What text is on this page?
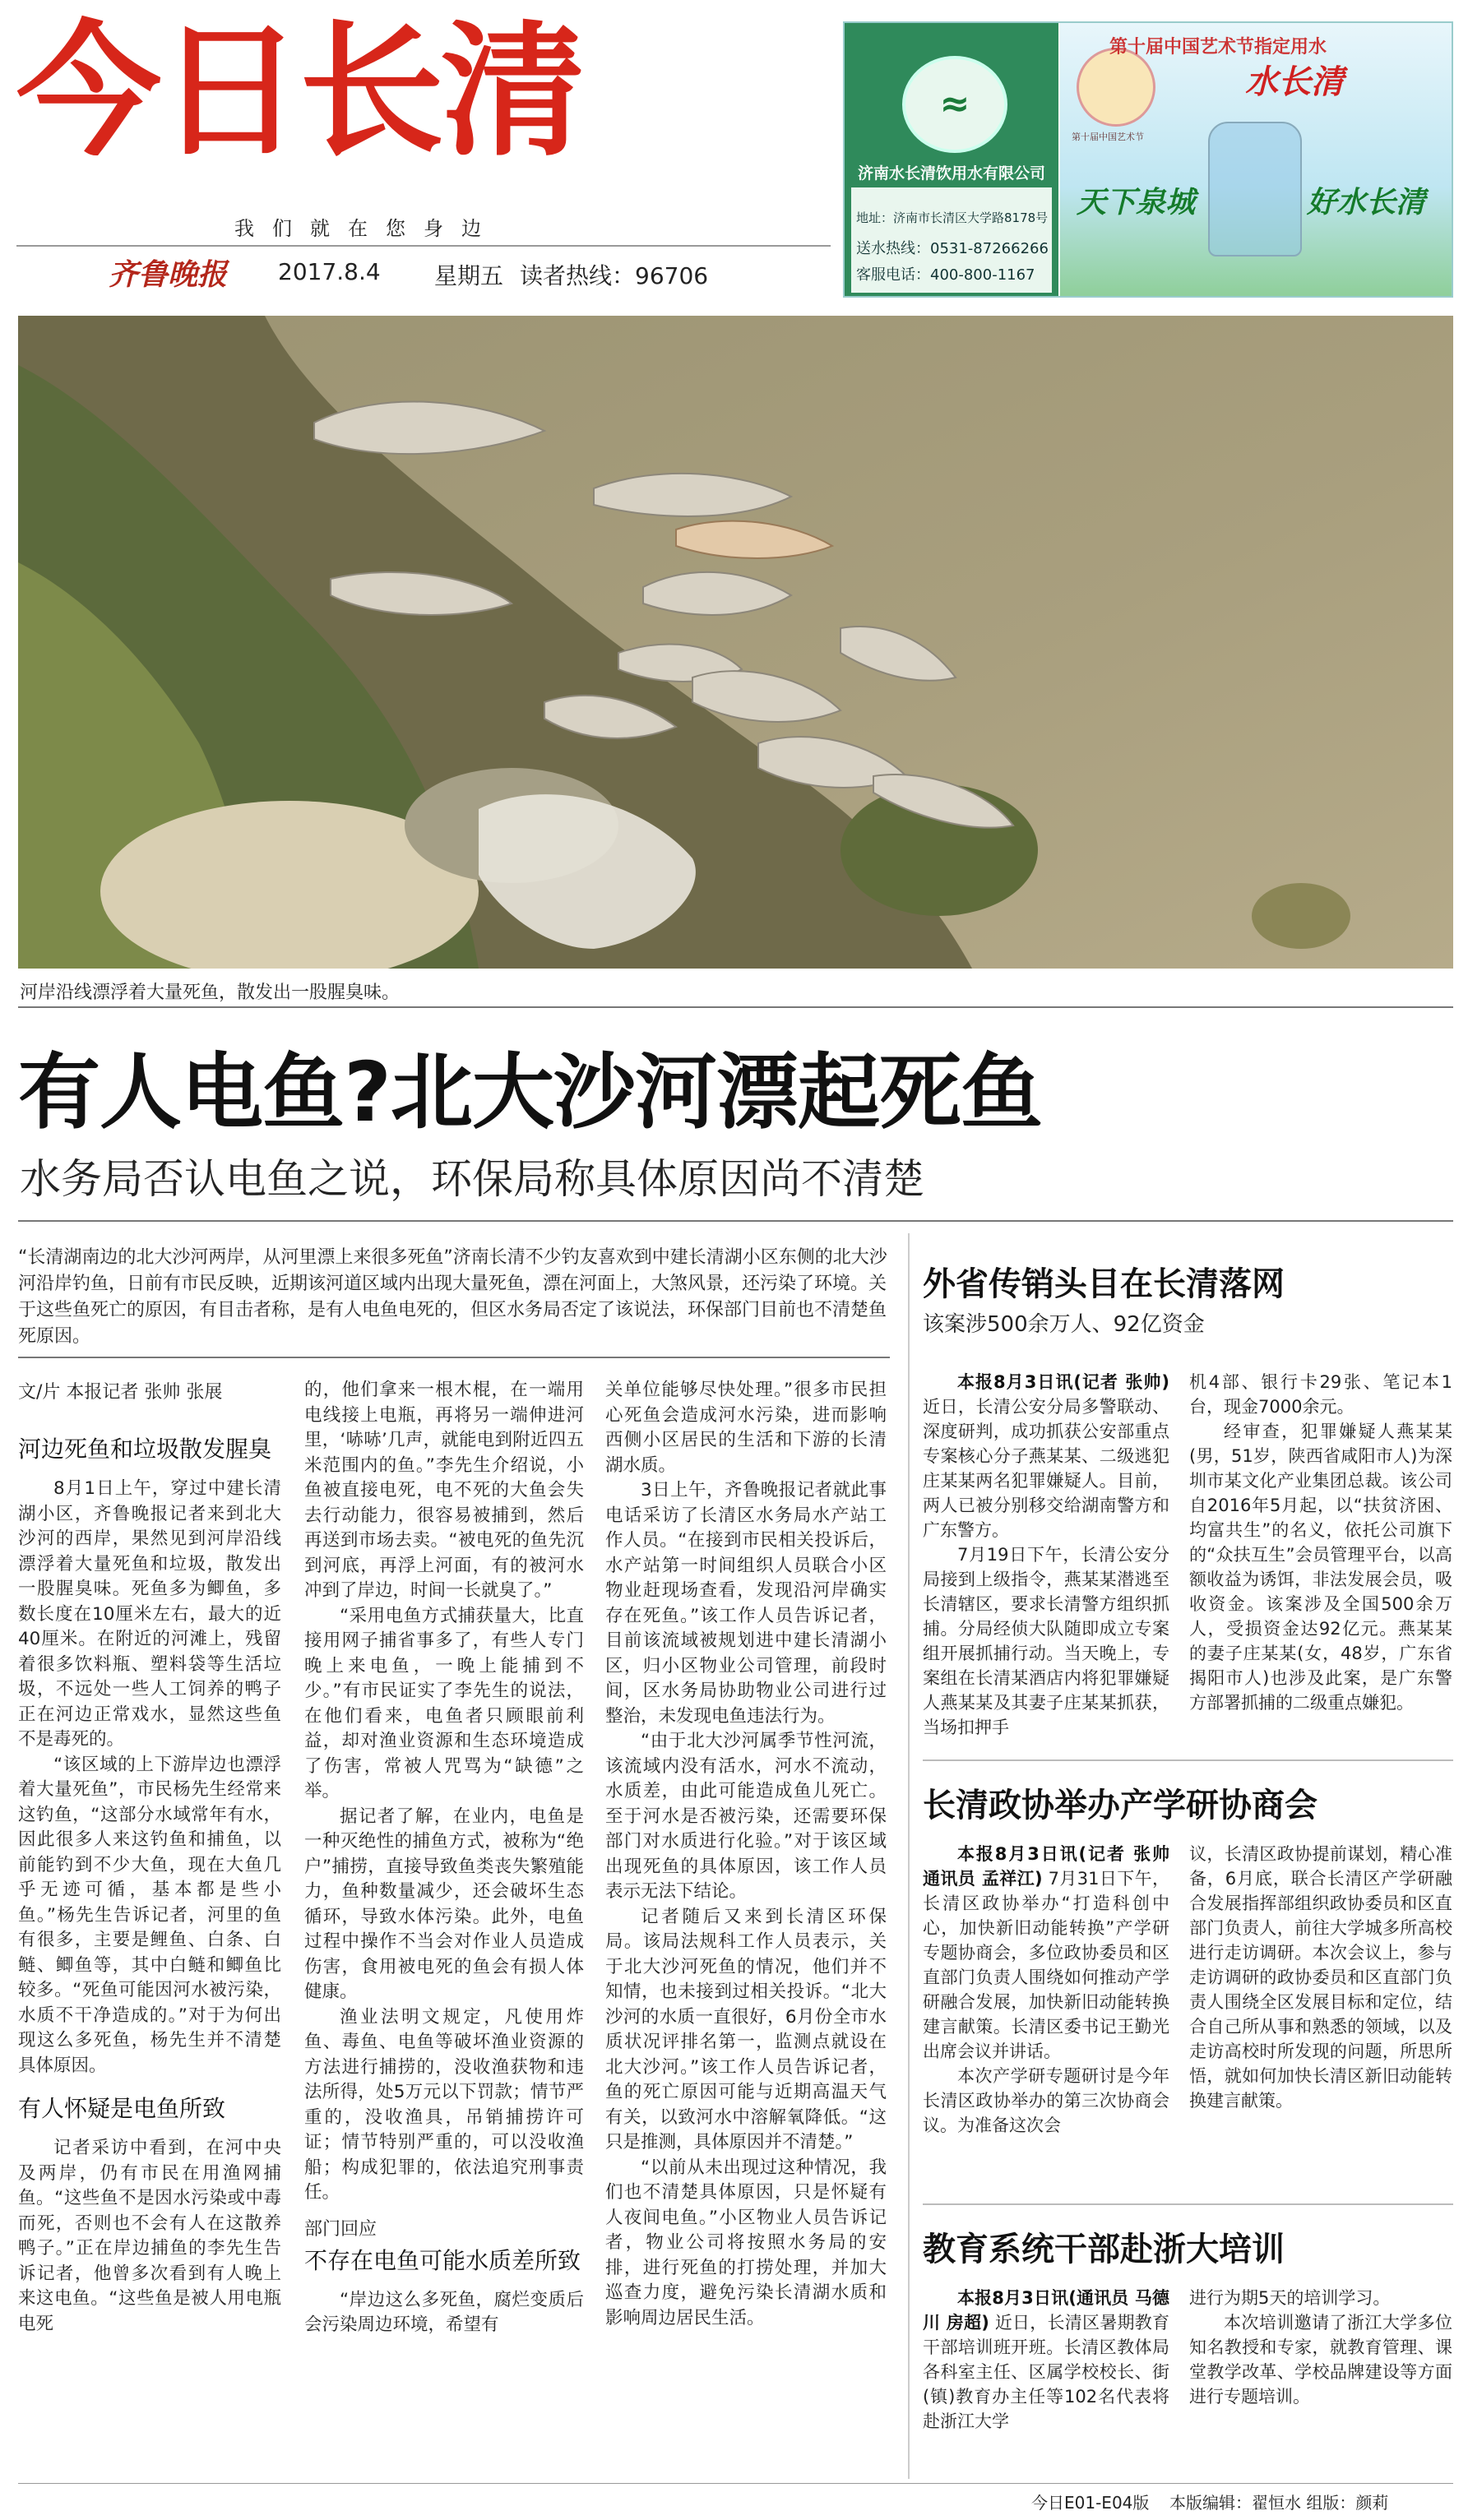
今日长清
我们就在您身边
齐鲁晚报 2017.8.4 星期五 读者热线：96706
≈
济南水长清饮用水有限公司
地址：济南市长清区大学路8178号
送水热线：0531-87266266
客服电话：400-800-1167
第十届中国艺术节
第十届中国艺术节指定用水
水长清
天下泉城	好水长清
河岸沿线漂浮着大量死鱼，散发出一股腥臭味。
有人电鱼?北大沙河漂起死鱼
水务局否认电鱼之说，环保局称具体原因尚不清楚
“长清湖南边的北大沙河两岸，从河里漂上来很多死鱼”济南长清不少钓友喜欢到中建长清湖小区东侧的北大沙河沿岸钓鱼，日前有市民反映，近期该河道区域内出现大量死鱼，漂在河面上，大煞风景，还污染了环境。关于这些鱼死亡的原因，有目击者称，是有人电鱼电死的，但区水务局否定了该说法，环保部门目前也不清楚鱼死原因。
文/片 本报记者 张帅 张展
河边死鱼和垃圾散发腥臭

8月1日上午，穿过中建长清湖小区，齐鲁晚报记者来到北大沙河的西岸，果然见到河岸沿线漂浮着大量死鱼和垃圾，散发出一股腥臭味。死鱼多为鲫鱼，多数长度在10厘米左右，最大的近40厘米。在附近的河滩上，残留着很多饮料瓶、塑料袋等生活垃圾，不远处一些人工饲养的鸭子正在河边正常戏水，显然这些鱼不是毒死的。

“该区域的上下游岸边也漂浮着大量死鱼”，市民杨先生经常来这钓鱼，“这部分水域常年有水，因此很多人来这钓鱼和捕鱼，以前能钓到不少大鱼，现在大鱼几乎无迹可循，基本都是些小鱼。”杨先生告诉记者，河里的鱼有很多，主要是鲤鱼、白条、白鲢、鲫鱼等，其中白鲢和鲫鱼比较多。“死鱼可能因河水被污染，水质不干净造成的。”对于为何出现这么多死鱼，杨先生并不清楚具体原因。

有人怀疑是电鱼所致

记者采访中看到，在河中央及两岸，仍有市民在用渔网捕鱼。“这些鱼不是因水污染或中毒而死，否则也不会有人在这散养鸭子。”正在岸边捕鱼的李先生告诉记者，他曾多次看到有人晚上来这电鱼。“这些鱼是被人用电瓶电死

的，他们拿来一根木棍，在一端用电线接上电瓶，再将另一端伸进河里，‘哧哧’几声，就能电到附近四五米范围内的鱼。”李先生介绍说，小鱼被直接电死，电不死的大鱼会失去行动能力，很容易被捕到，然后再送到市场去卖。“被电死的鱼先沉到河底，再浮上河面，有的被河水冲到了岸边，时间一长就臭了。”

“采用电鱼方式捕获量大，比直接用网子捕省事多了，有些人专门晚上来电鱼，一晚上能捕到不少。”有市民证实了李先生的说法，在他们看来，电鱼者只顾眼前利益，却对渔业资源和生态环境造成了伤害，常被人咒骂为“缺德”之举。

据记者了解，在业内，电鱼是一种灭绝性的捕鱼方式，被称为“绝户”捕捞，直接导致鱼类丧失繁殖能力，鱼种数量减少，还会破坏生态循环，导致水体污染。此外，电鱼过程中操作不当会对作业人员造成伤害，食用被电死的鱼会有损人体健康。

渔业法明文规定，凡使用炸鱼、毒鱼、电鱼等破坏渔业资源的方法进行捕捞的，没收渔获物和违法所得，处5万元以下罚款；情节严重的，没收渔具，吊销捕捞许可证；情节特别严重的，可以没收渔船；构成犯罪的，依法追究刑事责任。

部门回应
不存在电鱼可能水质差所致

“岸边这么多死鱼，腐烂变质后会污染周边环境，希望有

关单位能够尽快处理。”很多市民担心死鱼会造成河水污染，进而影响西侧小区居民的生活和下游的长清湖水质。

3日上午，齐鲁晚报记者就此事电话采访了长清区水务局水产站工作人员。“在接到市民相关投诉后，水产站第一时间组织人员联合小区物业赶现场查看，发现沿河岸确实存在死鱼。”该工作人员告诉记者，目前该流域被规划进中建长清湖小区，归小区物业公司管理，前段时间，区水务局协助物业公司进行过整治，未发现电鱼违法行为。

“由于北大沙河属季节性河流，该流域内没有活水，河水不流动，水质差，由此可能造成鱼儿死亡。至于河水是否被污染，还需要环保部门对水质进行化验。”对于该区域出现死鱼的具体原因，该工作人员表示无法下结论。

记者随后又来到长清区环保局。该局法规科工作人员表示，关于北大沙河死鱼的情况，他们并不知情，也未接到过相关投诉。“北大沙河的水质一直很好，6月份全市水质状况评排名第一，监测点就设在北大沙河。”该工作人员告诉记者，鱼的死亡原因可能与近期高温天气有关，以致河水中溶解氧降低。“这只是推测，具体原因并不清楚。”

“以前从未出现过这种情况，我们也不清楚具体原因，只是怀疑有人夜间电鱼。”小区物业人员告诉记者，物业公司将按照水务局的安排，进行死鱼的打捞处理，并加大巡查力度，避免污染长清湖水质和影响周边居民生活。

外省传销头目在长清落网
该案涉500余万人、92亿资金

本报8月3日讯(记者 张帅) 近日，长清公安分局多警联动、深度研判，成功抓获公安部重点专案核心分子燕某某、二级逃犯庄某某两名犯罪嫌疑人。目前，两人已被分别移交给湖南警方和广东警方。

7月19日下午，长清公安分局接到上级指令，燕某某潜逃至长清辖区，要求长清警方组织抓捕。分局经侦大队随即成立专案组开展抓捕行动。当天晚上，专案组在长清某酒店内将犯罪嫌疑人燕某某及其妻子庄某某抓获，当场扣押手

机4部、银行卡29张、笔记本1台，现金7000余元。

经审查，犯罪嫌疑人燕某某(男，51岁，陕西省咸阳市人)为深圳市某文化产业集团总裁。该公司自2016年5月起，以“扶贫济困、均富共生”的名义，依托公司旗下的“众扶互生”会员管理平台，以高额收益为诱饵，非法发展会员，吸收资金。该案涉及全国500余万人，受损资金达92亿元。燕某某的妻子庄某某(女，48岁，广东省揭阳市人)也涉及此案，是广东警方部署抓捕的二级重点嫌犯。

长清政协举办产学研协商会

本报8月3日讯(记者 张帅 通讯员 孟祥江) 7月31日下午，长清区政协举办“打造科创中心，加快新旧动能转换”产学研专题协商会，多位政协委员和区直部门负责人围绕如何推动产学研融合发展，加快新旧动能转换建言献策。长清区委书记王勤光出席会议并讲话。

本次产学研专题研讨是今年长清区政协举办的第三次协商会议。为准备这次会

议，长清区政协提前谋划，精心准备，6月底，联合长清区产学研融合发展指挥部组织政协委员和区直部门负责人，前往大学城多所高校进行走访调研。本次会议上，参与走访调研的政协委员和区直部门负责人围绕全区发展目标和定位，结合自己所从事和熟悉的领域，以及走访高校时所发现的问题，所思所悟，就如何加快长清区新旧动能转换建言献策。

教育系统干部赴浙大培训

本报8月3日讯(通讯员 马德川 房超) 近日，长清区暑期教育干部培训班开班。长清区教体局各科室主任、区属学校校长、街(镇)教育办主任等102名代表将赴浙江大学

进行为期5天的培训学习。

本次培训邀请了浙江大学多位知名教授和专家，就教育管理、课堂教学改革、学校品牌建设等方面进行专题培训。

今日E01-E04版 本版编辑：翟恒水 组版：颜莉
